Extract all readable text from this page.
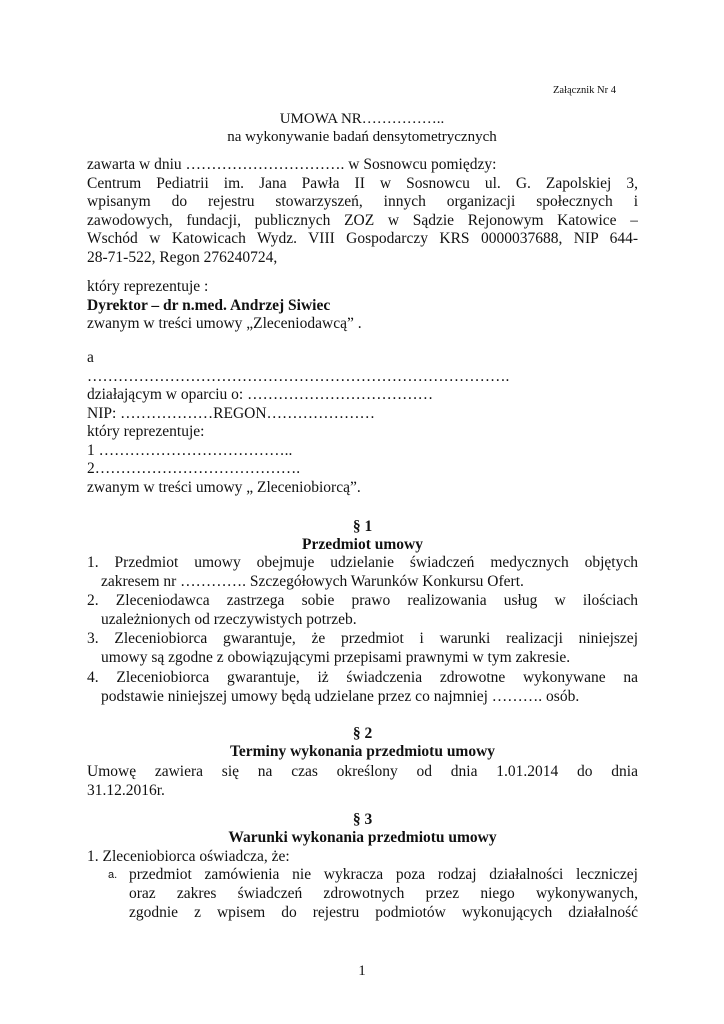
Załącznik Nr 4
UMOWA NR……………..
na wykonywanie badań densytometrycznych
zawarta w dniu …………………………. w Sosnowcu pomiędzy:
Centrum Pediatrii im. Jana Pawła II w Sosnowcu ul. G. Zapolskiej 3,
wpisanym do rejestru stowarzyszeń, innych organizacji społecznych i
zawodowych, fundacji, publicznych ZOZ w Sądzie Rejonowym Katowice –
Wschód w Katowicach Wydz. VIII Gospodarczy KRS 0000037688, NIP 644-
28-71-522, Regon 276240724,
który reprezentuje :
Dyrektor – dr n.med. Andrzej Siwiec
zwanym w treści umowy „Zleceniodawcą” .
a
……………………………………………………………………….
działającym w oparciu o: ………………………………
NIP: ………………REGON…………………
który reprezentuje:
1 ………………………………..
2………………………………….
zwanym w treści umowy „ Zleceniobiorcą”.
§ 1
Przedmiot umowy
1. Przedmiot umowy obejmuje udzielanie świadczeń medycznych objętych
zakresem nr …………. Szczegółowych Warunków Konkursu Ofert.
2. Zleceniodawca zastrzega sobie prawo realizowania usług w ilościach
uzależnionych od rzeczywistych potrzeb.
3. Zleceniobiorca gwarantuje, że przedmiot i warunki realizacji niniejszej
umowy są zgodne z obowiązującymi przepisami prawnymi w tym zakresie.
4. Zleceniobiorca gwarantuje, iż świadczenia zdrowotne wykonywane na
podstawie niniejszej umowy będą udzielane przez co najmniej ………. osób.
§ 2
Terminy wykonania przedmiotu umowy
Umowę zawiera się na czas określony od dnia 1.01.2014 do dnia
31.12.2016r.
§ 3
Warunki wykonania przedmiotu umowy
1. Zleceniobiorca oświadcza, że:
a. przedmiot zamówienia nie wykracza poza rodzaj działalności leczniczej
oraz zakres świadczeń zdrowotnych przez niego wykonywanych,
zgodnie z wpisem do rejestru podmiotów wykonujących działalność
1
